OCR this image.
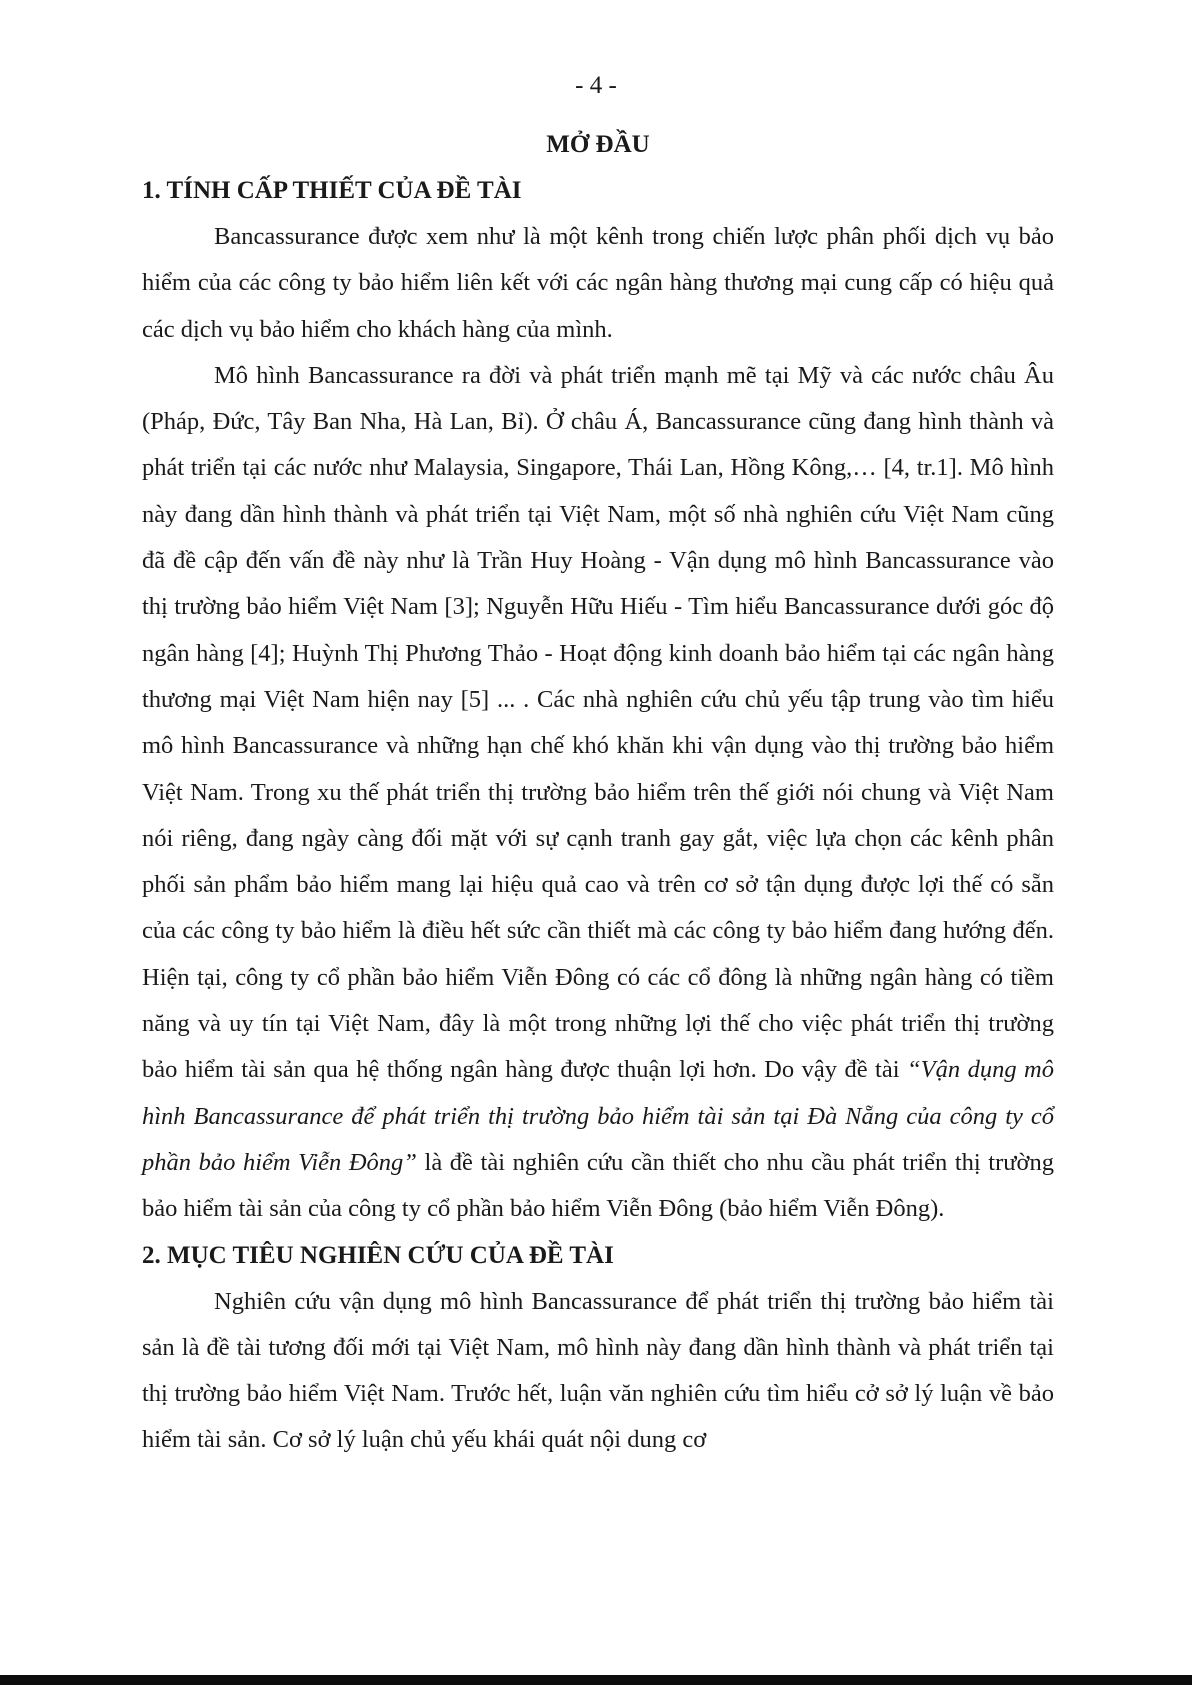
- 4 -
MỞ ĐẦU
1. TÍNH CẤP THIẾT CỦA ĐỀ TÀI

Bancassurance được xem như là một kênh trong chiến lược phân phối dịch vụ bảo hiểm của các công ty bảo hiểm liên kết với các ngân hàng thương mại cung cấp có hiệu quả các dịch vụ bảo hiểm cho khách hàng của mình.

Mô hình Bancassurance ra đời và phát triển mạnh mẽ tại Mỹ và các nước châu Âu (Pháp, Đức, Tây Ban Nha, Hà Lan, Bỉ). Ở châu Á, Bancassurance cũng đang hình thành và phát triển tại các nước như Malaysia, Singapore, Thái Lan, Hồng Kông,… [4, tr.1]. Mô hình này đang dần hình thành và phát triển tại Việt Nam, một số nhà nghiên cứu Việt Nam cũng đã đề cập đến vấn đề này như là Trần Huy Hoàng - Vận dụng mô hình Bancassurance vào thị trường bảo hiểm Việt Nam [3]; Nguyễn Hữu Hiếu - Tìm hiểu Bancassurance dưới góc độ ngân hàng [4]; Huỳnh Thị Phương Thảo - Hoạt động kinh doanh bảo hiểm tại các ngân hàng thương mại Việt Nam hiện nay [5] ... . Các nhà nghiên cứu chủ yếu tập trung vào tìm hiểu mô hình Bancassurance và những hạn chế khó khăn khi vận dụng vào thị trường bảo hiểm Việt Nam. Trong xu thế phát triển thị trường bảo hiểm trên thế giới nói chung và Việt Nam nói riêng, đang ngày càng đối mặt với sự cạnh tranh gay gắt, việc lựa chọn các kênh phân phối sản phẩm bảo hiểm mang lại hiệu quả cao và trên cơ sở tận dụng được lợi thế có sẵn của các công ty bảo hiểm là điều hết sức cần thiết mà các công ty bảo hiểm đang hướng đến. Hiện tại, công ty cổ phần bảo hiểm Viễn Đông có các cổ đông là những ngân hàng có tiềm năng và uy tín tại Việt Nam, đây là một trong những lợi thế cho việc phát triển thị trường bảo hiểm tài sản qua hệ thống ngân hàng được thuận lợi hơn. Do vậy đề tài “Vận dụng mô hình Bancassurance để phát triển thị trường bảo hiểm tài sản tại Đà Nẵng của công ty cổ phần bảo hiểm Viễn Đông” là đề tài nghiên cứu cần thiết cho nhu cầu phát triển thị trường bảo hiểm tài sản của công ty cổ phần bảo hiểm Viễn Đông (bảo hiểm Viễn Đông).

2. MỤC TIÊU NGHIÊN CỨU CỦA ĐỀ TÀI

Nghiên cứu vận dụng mô hình Bancassurance để phát triển thị trường bảo hiểm tài sản là đề tài tương đối mới tại Việt Nam, mô hình này đang dần hình thành và phát triển tại thị trường bảo hiểm Việt Nam. Trước hết, luận văn nghiên cứu tìm hiểu cở sở lý luận về bảo hiểm tài sản. Cơ sở lý luận chủ yếu khái quát nội dung cơ
